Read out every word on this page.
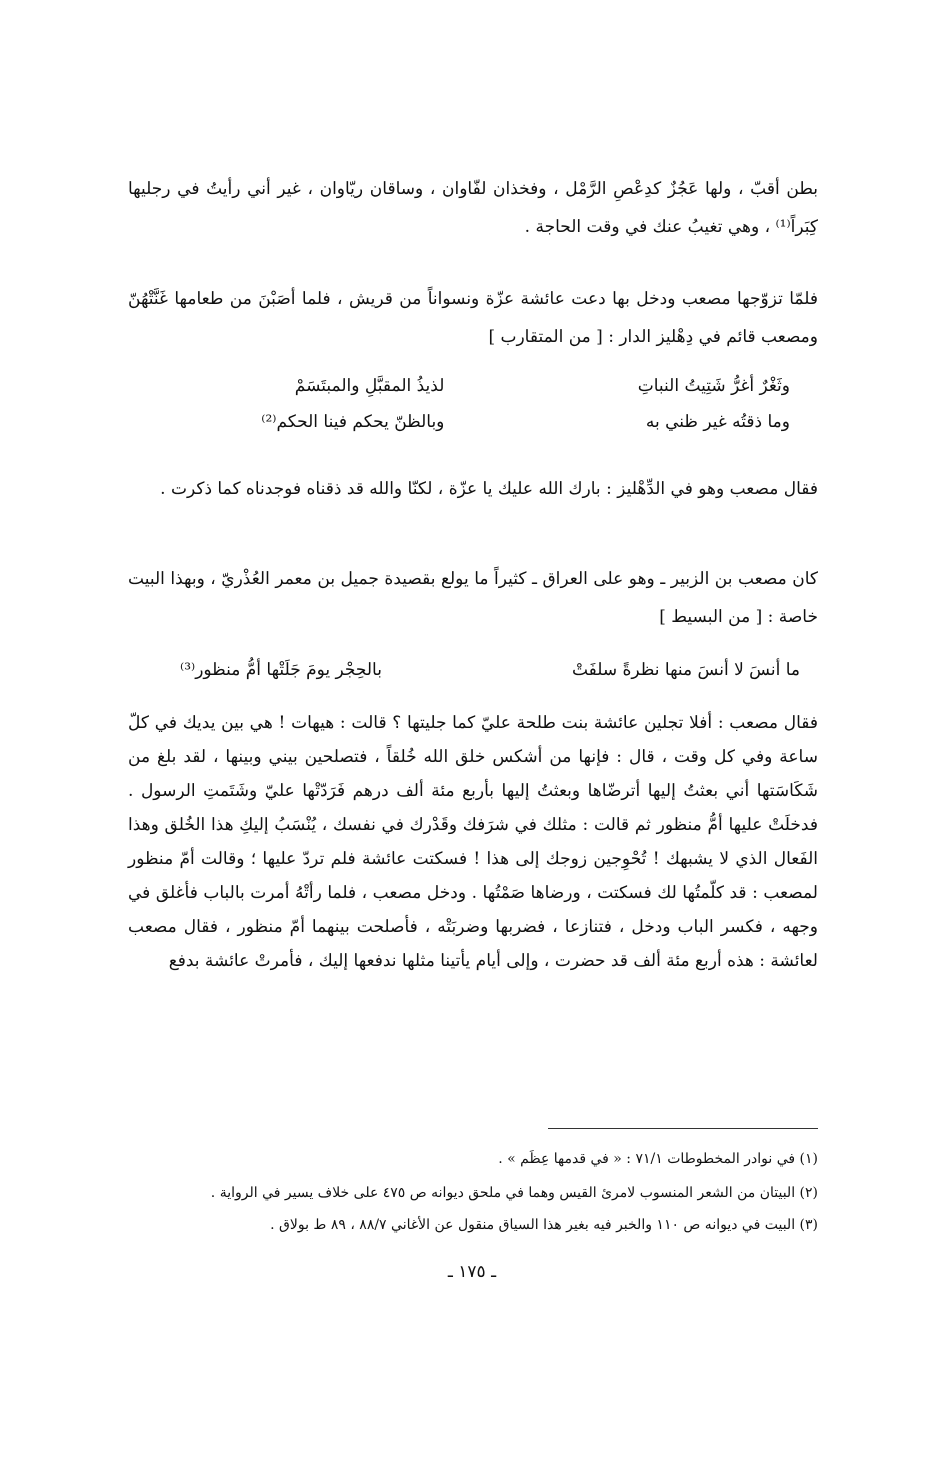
بطن أقبّ ، ولها عَجُزٌ كدِعْصِ الرَّمْل ، وفخذان لفّاوان ، وساقان ريّاوان ، غير أني رأيتُ في رجليها كِبَراً⁽¹⁾ ، وهي تغيبُ عنك في وقت الحاجة .
فلمّا تزوّجها مصعب ودخل بها دعت عائشة عزّة ونسواناً من قريش ، فلما أصَبْنَ من طعامها غَنَّتْهُنّ ومصعب قائم في دِهْليز الدار : [ من المتقارب ]
وثَغْرٌ أغرُّ شَتِيتُ النباتِ
لذيذُ المقبَّلِ والمبتَسَمْ
وما ذقتُه غير ظني به
وبالظنّ يحكم فينا الحكم⁽²⁾
فقال مصعب وهو في الدِّهْليز : بارك الله عليك يا عزّة ، لكنّا والله قد ذقناه فوجدناه كما ذكرت .
كان مصعب بن الزبير ـ وهو على العراق ـ كثيراً ما يولع بقصيدة جميل بن معمر العُذْريّ ، وبهذا البيت خاصة : [ من البسيط ]
ما أنسَ لا أنسَ منها نظرةً سلفَتْ
بالحِجْر يومَ جَلَتْها أمُّ منظور⁽³⁾
فقال مصعب : أفلا تجلين عائشة بنت طلحة عليّ كما جليتها ؟ قالت : هيهات ! هي بين يديك في كلّ ساعة وفي كل وقت ، قال : فإنها من أشكس خلق الله خُلقاً ، فتصلحين بيني وبينها ، لقد بلغ من شَكَاسَتها أني بعثتُ إليها أترضّاها وبعثتُ إليها بأربع مئة ألف درهم فَرَدّتْها عليّ وشَتَمتِ الرسول . فدخلَتْ عليها أمُّ منظور ثم قالت : مثلك في شرَفك وقَدْرك في نفسك ، يُنْسَبُ إليكِ هذا الخُلق وهذا الفَعال الذي لا يشبهك ! تُحْوِجين زوجك إلى هذا ! فسكتت عائشة فلم تردّ عليها ؛ وقالت أمّ منظور لمصعب : قد كلّمتُها لك فسكتت ، ورضاها صَمْتُها . ودخل مصعب ، فلما رأتْهُ أمرت بالباب فأغلق في وجهه ، فكسر الباب ودخل ، فتنازعا ، فضربها وضربَتْه ، فأصلحت بينهما أمّ منظور ، فقال مصعب لعائشة : هذه أربع مئة ألف قد حضرت ، وإلى أيام يأتينا مثلها ندفعها إليك ، فأمرتْ عائشة بدفع
(١) في نوادر المخطوطات ٧١/١ : « في قدمها عِظَم » .
(٢) البيتان من الشعر المنسوب لامرئ القيس وهما في ملحق ديوانه ص ٤٧٥ على خلاف يسير في الرواية .
(٣) البيت في ديوانه ص ١١٠ والخبر فيه بغير هذا السياق منقول عن الأغاني ٨٨/٧ ، ٨٩ ط بولاق .
ـ ١٧٥ ـ
